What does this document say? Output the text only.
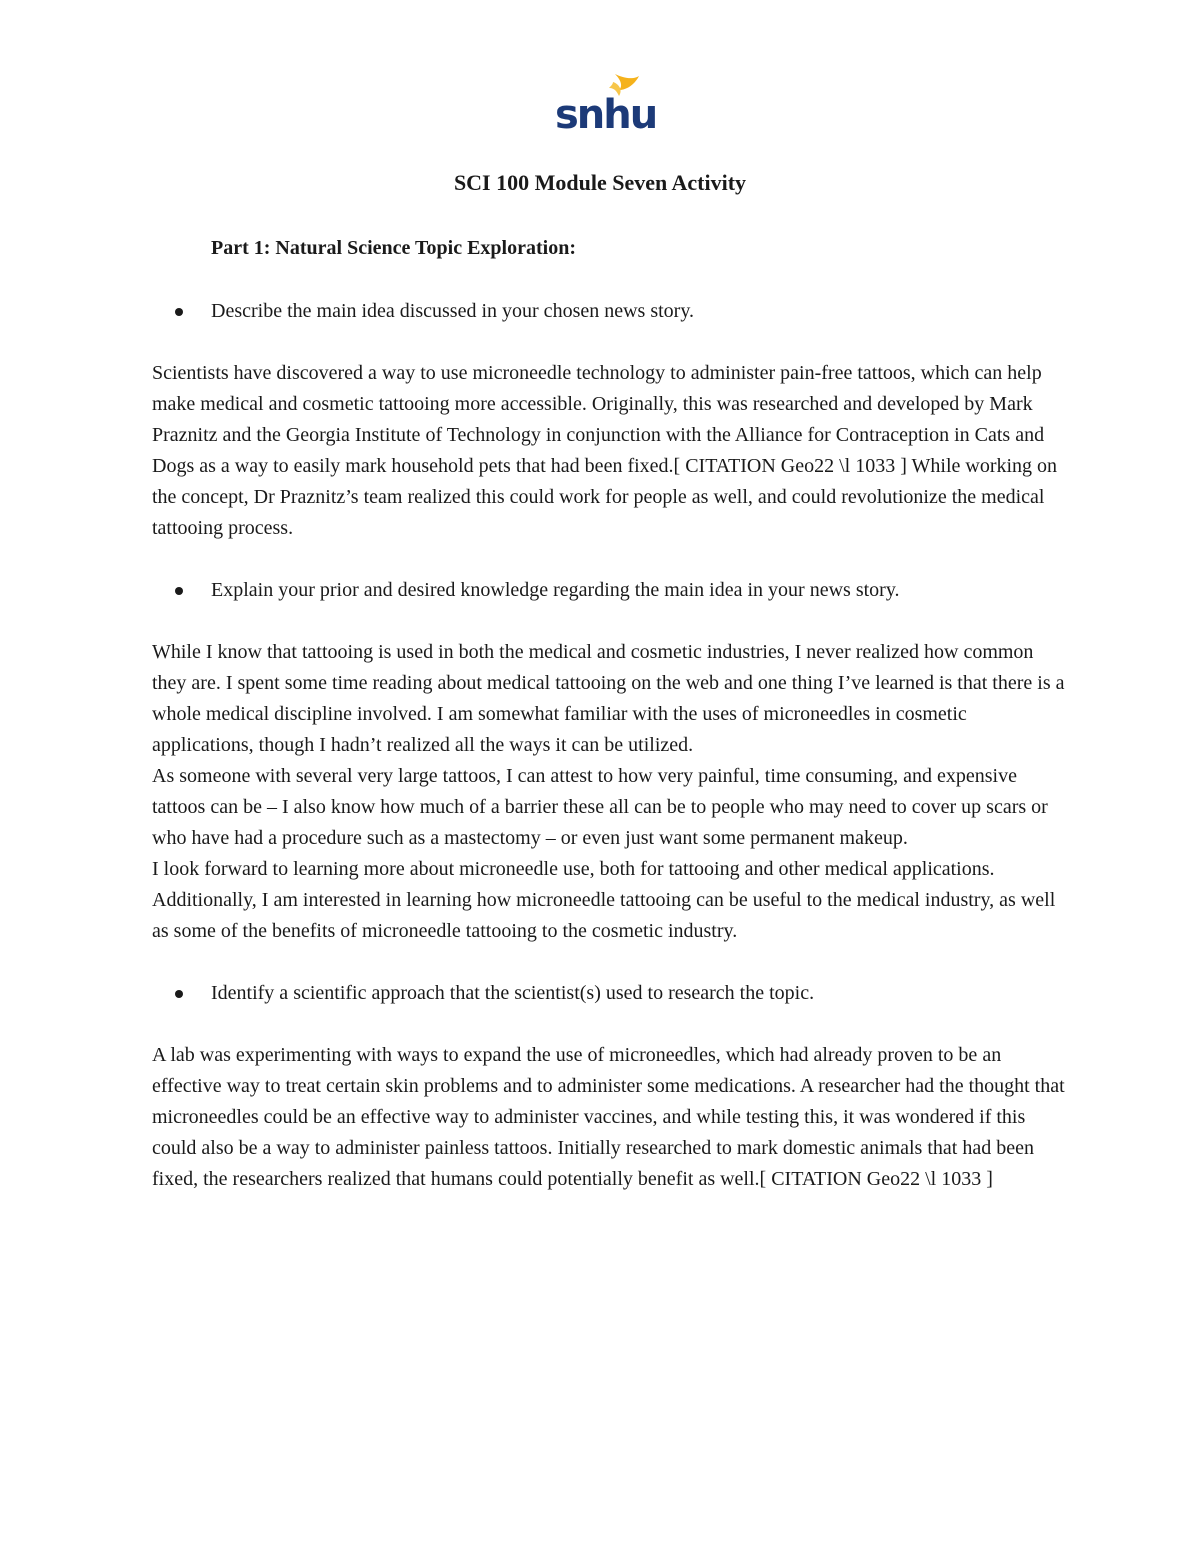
snhu
SCI 100 Module Seven Activity
Part 1: Natural Science Topic Exploration:

Describe the main idea discussed in your chosen news story.

Scientists have discovered a way to use microneedle technology to administer pain-free tattoos, which can help make medical and cosmetic tattooing more accessible. Originally, this was researched and developed by Mark Praznitz and the Georgia Institute of Technology in conjunction with the Alliance for Contraception in Cats and Dogs as a way to easily mark household pets that had been fixed.[ CITATION Geo22 \l 1033 ] While working on the concept, Dr Praznitz’s team realized this could work for people as well, and could revolutionize the medical tattooing process.

Explain your prior and desired knowledge regarding the main idea in your news story.

While I know that tattooing is used in both the medical and cosmetic industries, I never realized how common they are. I spent some time reading about medical tattooing on the web and one thing I’ve learned is that there is a whole medical discipline involved. I am somewhat familiar with the uses of microneedles in cosmetic applications, though I hadn’t realized all the ways it can be utilized.

As someone with several very large tattoos, I can attest to how very painful, time consuming, and expensive tattoos can be – I also know how much of a barrier these all can be to people who may need to cover up scars or who have had a procedure such as a mastectomy – or even just want some permanent makeup.

I look forward to learning more about microneedle use, both for tattooing and other medical applications. Additionally, I am interested in learning how microneedle tattooing can be useful to the medical industry, as well as some of the benefits of microneedle tattooing to the cosmetic industry.

Identify a scientific approach that the scientist(s) used to research the topic.

A lab was experimenting with ways to expand the use of microneedles, which had already proven to be an effective way to treat certain skin problems and to administer some medications. A researcher had the thought that microneedles could be an effective way to administer vaccines, and while testing this, it was wondered if this could also be a way to administer painless tattoos. Initially researched to mark domestic animals that had been fixed, the researchers realized that humans could potentially benefit as well.[ CITATION Geo22 \l 1033 ]
